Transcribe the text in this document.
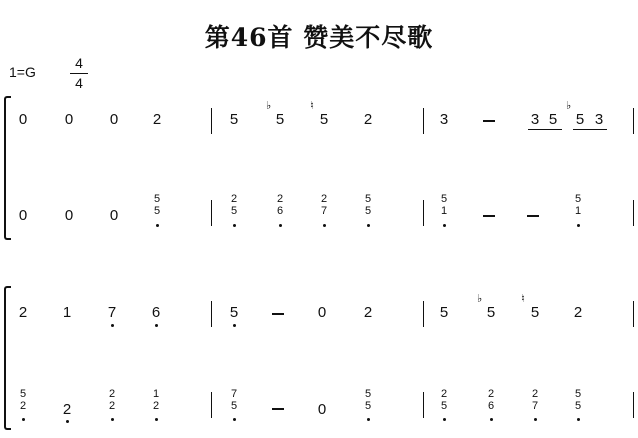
第46首 赞美不尽歌
1=G
4
4
0	0 0 2	5
♭
5
♮
5 2	3	3 5
♭
5 3
0	0 0
5
5
2
5
2
6
2
7
5
5
5
1
5
1
2 1 7 6	5	0	2	5
♭
5
♮
5 2
5
2	2
2
2
1
2
7
5	0
5
5
2
5
2
6
2
7
5
5
